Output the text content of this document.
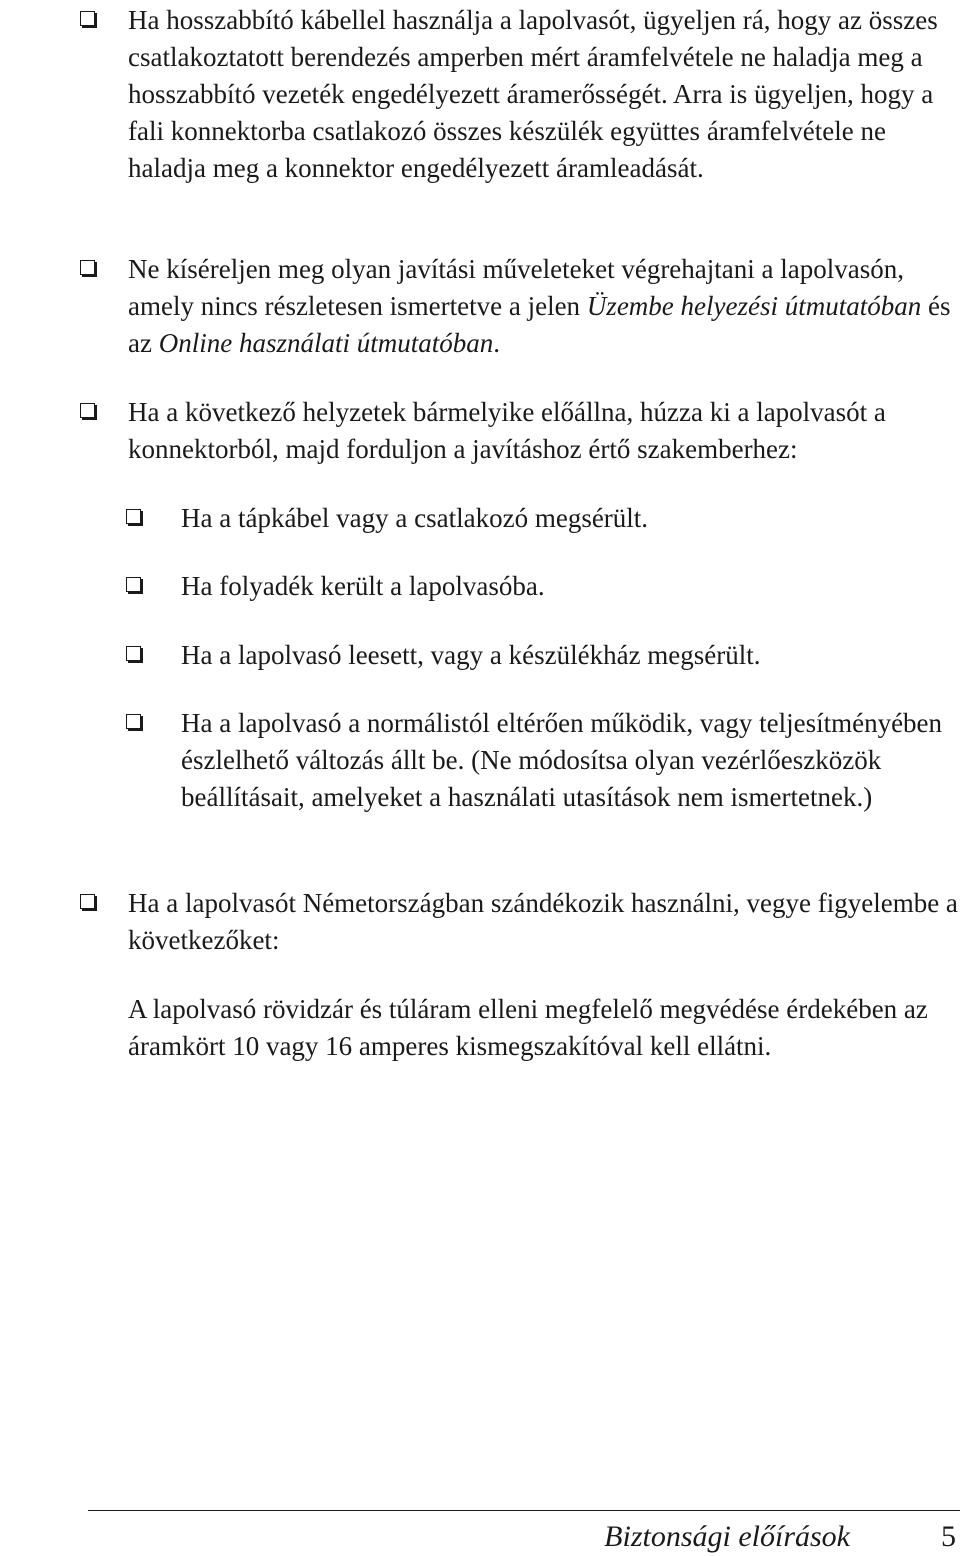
Ha hosszabbító kábellel használja a lapolvasót, ügyeljen rá, hogy az összes csatlakoztatott berendezés amperben mért áramfelvétele ne haladja meg a hosszabbító vezeték engedélyezett áramerősségét. Arra is ügyeljen, hogy a fali konnektorba csatlakozó összes készülék együttes áramfelvétele ne haladja meg a konnektor engedélyezett áramleadását.

Ne kíséreljen meg olyan javítási műveleteket végrehajtani a lapolvasón, amely nincs részletesen ismertetve a jelen Üzembe helyezési útmutatóban és az Online használati útmutatóban.

Ha a következő helyzetek bármelyike előállna, húzza ki a lapolvasót a konnektorból, majd forduljon a javításhoz értő szakemberhez:

Ha a tápkábel vagy a csatlakozó megsérült.

Ha folyadék került a lapolvasóba.

Ha a lapolvasó leesett, vagy a készülékház megsérült.

Ha a lapolvasó a normálistól eltérően működik, vagy teljesítményében észlelhető változás állt be. (Ne módosítsa olyan vezérlőeszközök beállításait, amelyeket a használati utasítások nem ismertetnek.)

Ha a lapolvasót Németországban szándékozik használni, vegye figyelembe a következőket:

A lapolvasó rövidzár és túláram elleni megfelelő megvédése érdekében az áramkört 10 vagy 16 amperes kismegszakítóval kell ellátni.

Biztonsági előírások	5
